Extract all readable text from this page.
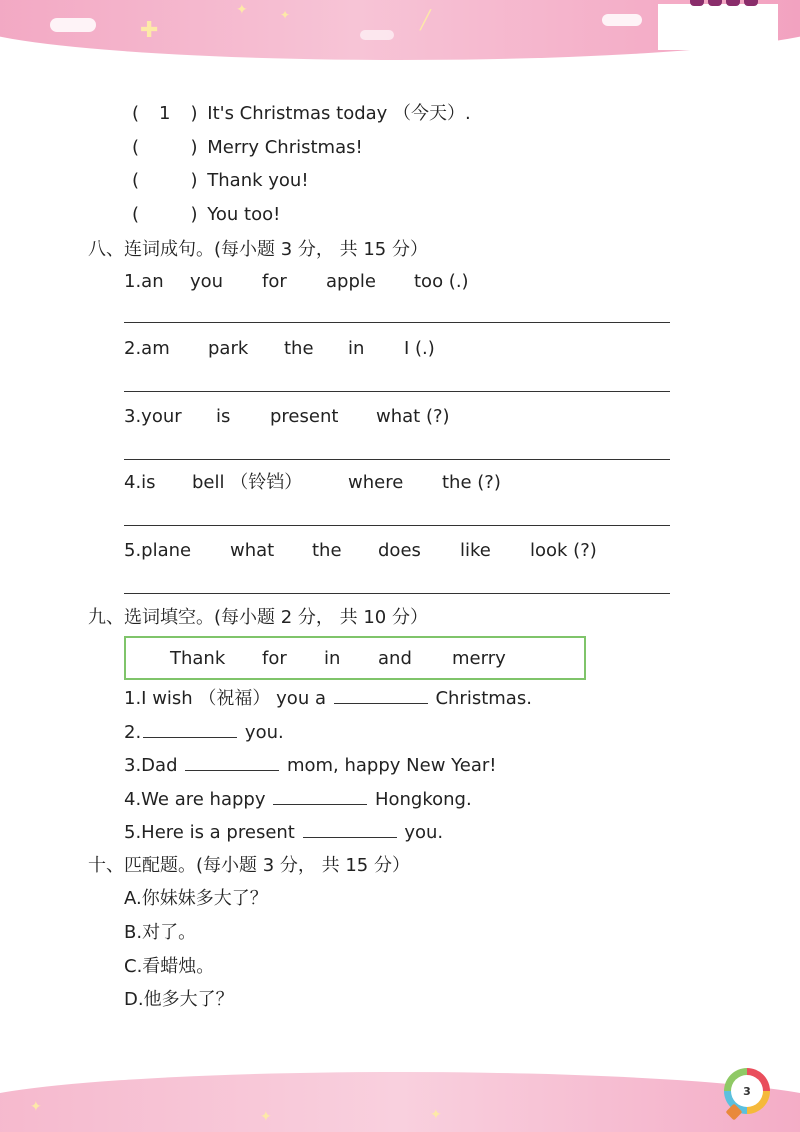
✚
✦	✦	╱
✦
✦	✦
3
( 1 ) It's Christmas today （今天）.
(	) Merry Christmas!
(	) Thank you!
(	) You too!
八、连词成句。(每小题 3 分， 共 15 分）
1.an you for apple too (.)
2.am park the in I (.)
3.your is present what (?)
4.is bell （铃铛）	where the (?)
5.plane what the does like look (?)
九、选词填空。(每小题 2 分， 共 10 分）
Thank for in and merry
1.I wish （祝福） you a	Christmas.
2.	you.
3.Dad	mom, happy New Year!
4.We are happy	Hongkong.
5.Here is a present	you.
十、匹配题。(每小题 3 分， 共 15 分）
A.你妹妹多大了？
B.对了。
C.看蜡烛。
D.他多大了？
